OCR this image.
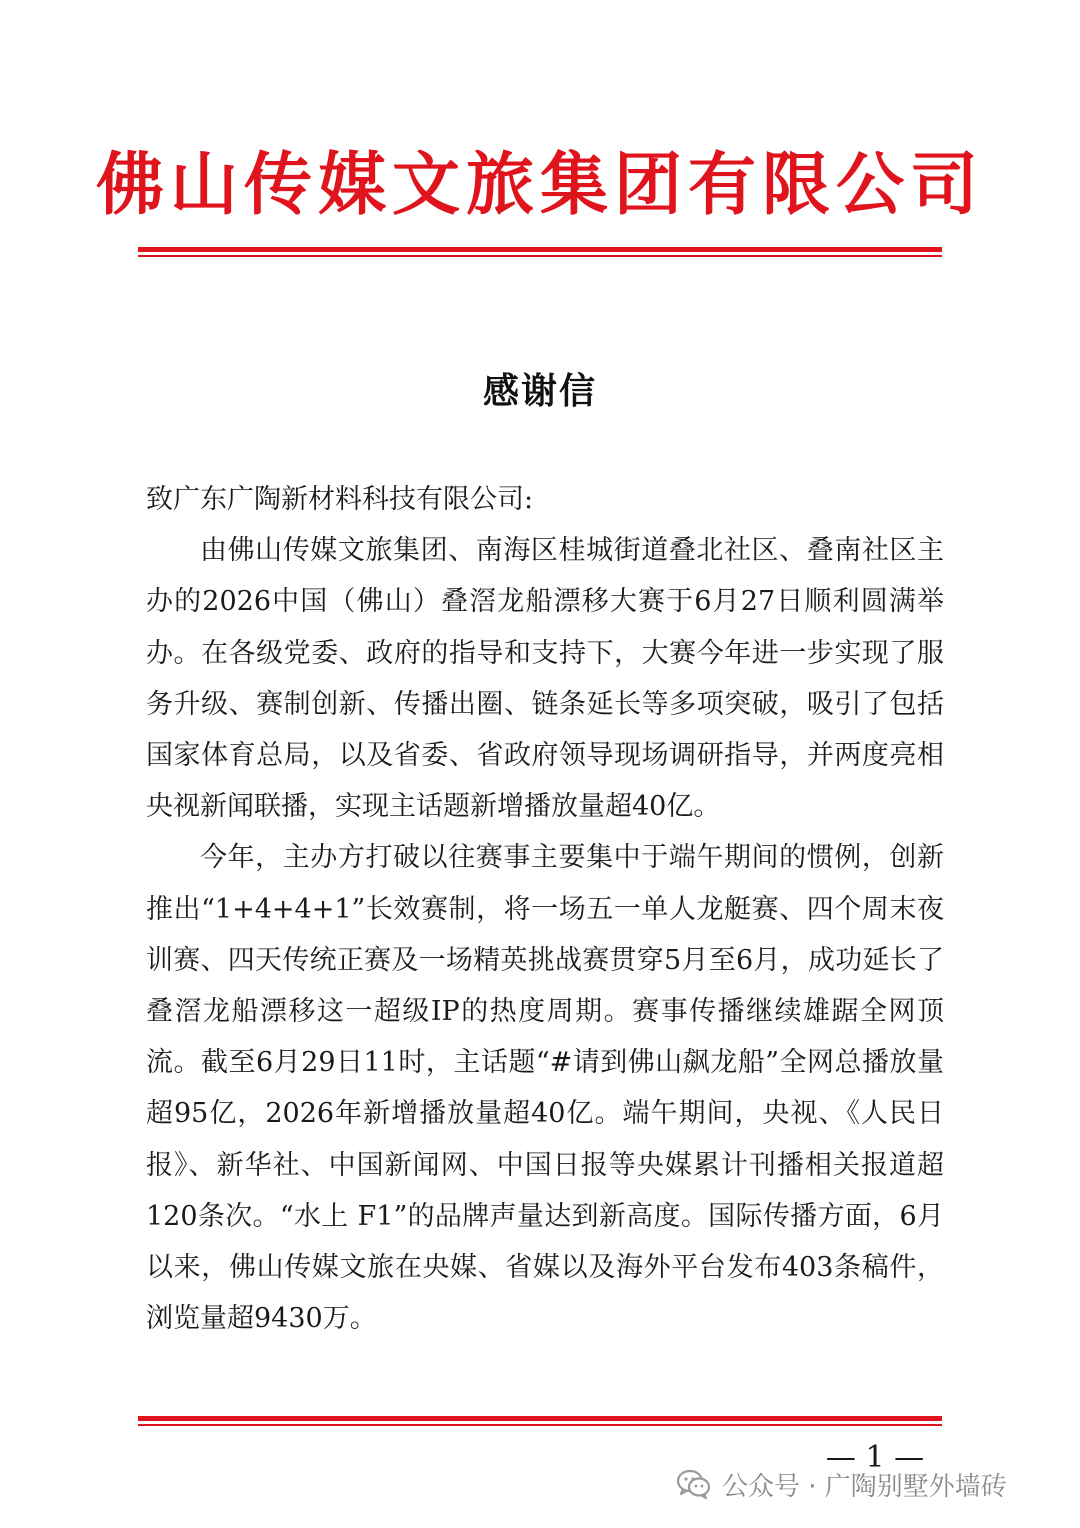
佛山传媒文旅集团有限公司
感谢信

致广东广陶新材料科技有限公司:

由佛山传媒文旅集团、南海区桂城街道叠北社区、叠南社区主办的2026中国（佛山）叠滘龙船漂移大赛于6月27日顺利圆满举办。在各级党委、政府的指导和支持下，大赛今年进一步实现了服务升级、赛制创新、传播出圈、链条延长等多项突破，吸引了包括国家体育总局，以及省委、省政府领导现场调研指导，并两度亮相央视新闻联播，实现主话题新增播放量超40亿。

今年，主办方打破以往赛事主要集中于端午期间的惯例，创新推出“1+4+4+1”长效赛制，将一场五一单人龙艇赛、四个周末夜训赛、四天传统正赛及一场精英挑战赛贯穿5月至6月，成功延长了叠滘龙船漂移这一超级IP的热度周期。赛事传播继续雄踞全网顶流。截至6月29日11时，主话题“#请到佛山飙龙船”全网总播放量超95亿，2026年新增播放量超40亿。端午期间，央视、《人民日报》、新华社、中国新闻网、中国日报等央媒累计刊播相关报道超120条次。“水上 F1”的品牌声量达到新高度。国际传播方面，6月以来，佛山传媒文旅在央媒、省媒以及海外平台发布403条稿件，浏览量超9430万。

— 1 —
公众号 · 广陶别墅外墙砖
